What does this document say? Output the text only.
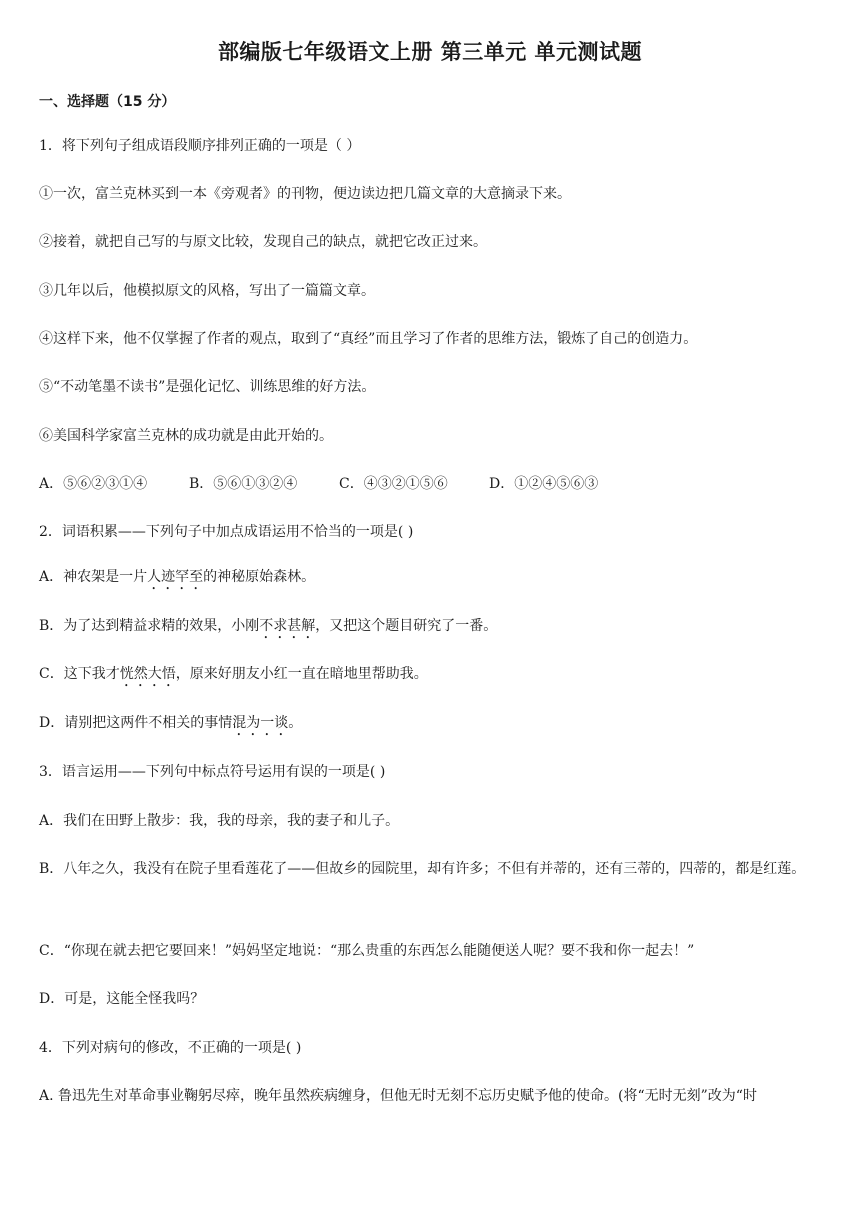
部编版七年级语文上册 第三单元 单元测试题
一、选择题（15 分）
1．将下列句子组成语段顺序排列正确的一项是（ ）
①一次，富兰克林买到一本《旁观者》的刊物，便边读边把几篇文章的大意摘录下来。
②接着，就把自己写的与原文比较，发现自己的缺点，就把它改正过来。
③几年以后，他模拟原文的风格，写出了一篇篇文章。
④这样下来，他不仅掌握了作者的观点，取到了“真经”而且学习了作者的思维方法，锻炼了自己的创造力。
⑤“不动笔墨不读书”是强化记忆、训练思维的好方法。
⑥美国科学家富兰克林的成功就是由此开始的。
A．⑤⑥②③①④	B．⑤⑥①③②④	C．④③②①⑤⑥	D．①②④⑤⑥③
2．词语积累——下列句子中加点成语运用不恰当的一项是( )
A．神农架是一片人迹罕至的神秘原始森林。
B．为了达到精益求精的效果，小刚不求甚解，又把这个题目研究了一番。
C．这下我才恍然大悟，原来好朋友小红一直在暗地里帮助我。
D．请别把这两件不相关的事情混为一谈。
3．语言运用——下列句中标点符号运用有误的一项是( )
A．我们在田野上散步：我，我的母亲，我的妻子和儿子。
B．八年之久，我没有在院子里看莲花了——但故乡的园院里，却有许多；不但有并蒂的，还有三蒂的，四蒂的，都是红莲。
C．“你现在就去把它要回来！”妈妈坚定地说：“那么贵重的东西怎么能随便送人呢？要不我和你一起去！”
D．可是，这能全怪我吗？
4．下列对病句的修改，不正确的一项是( )
A. 鲁迅先生对革命事业鞠躬尽瘁，晚年虽然疾病缠身，但他无时无刻不忘历史赋予他的使命。(将“无时无刻”改为“时
